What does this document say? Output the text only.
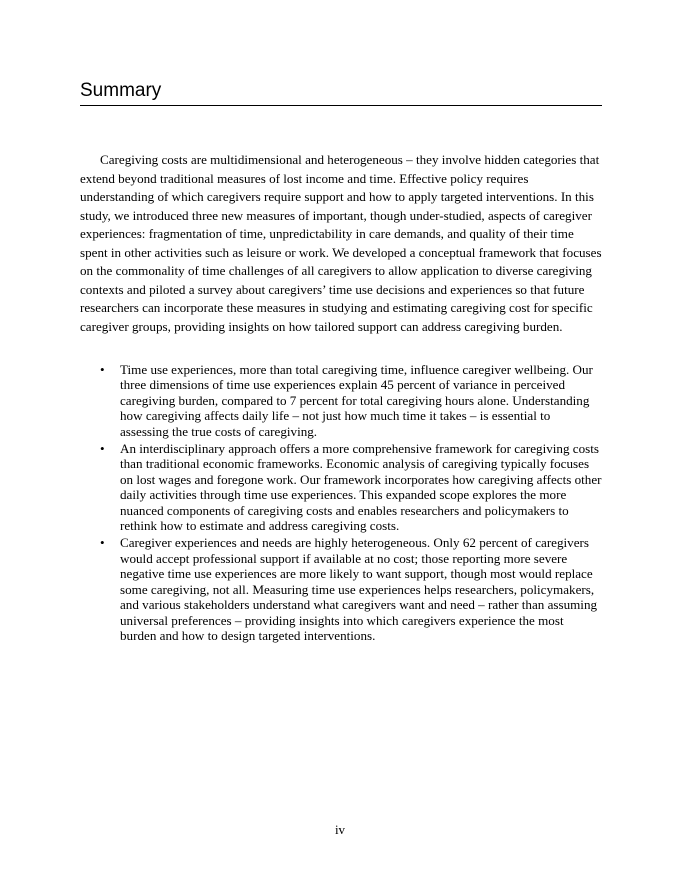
Summary

Caregiving costs are multidimensional and heterogeneous – they involve hidden categories that extend beyond traditional measures of lost income and time. Effective policy requires understanding of which caregivers require support and how to apply targeted interventions. In this study, we introduced three new measures of important, though under-studied, aspects of caregiver experiences: fragmentation of time, unpredictability in care demands, and quality of their time spent in other activities such as leisure or work. We developed a conceptual framework that focuses on the commonality of time challenges of all caregivers to allow application to diverse caregiving contexts and piloted a survey about caregivers’ time use decisions and experiences so that future researchers can incorporate these measures in studying and estimating caregiving cost for specific caregiver groups, providing insights on how tailored support can address caregiving burden.

•	Time use experiences, more than total caregiving time, influence caregiver wellbeing. Our three dimensions of time use experiences explain 45 percent of variance in perceived caregiving burden, compared to 7 percent for total caregiving hours alone. Understanding how caregiving affects daily life – not just how much time it takes – is essential to assessing the true costs of caregiving.
•	An interdisciplinary approach offers a more comprehensive framework for caregiving costs than traditional economic frameworks. Economic analysis of caregiving typically focuses on lost wages and foregone work. Our framework incorporates how caregiving affects other daily activities through time use experiences. This expanded scope explores the more nuanced components of caregiving costs and enables researchers and policymakers to rethink how to estimate and address caregiving costs.
•	Caregiver experiences and needs are highly heterogeneous. Only 62 percent of caregivers would accept professional support if available at no cost; those reporting more severe negative time use experiences are more likely to want support, though most would replace some caregiving, not all. Measuring time use experiences helps researchers, policymakers, and various stakeholders understand what caregivers want and need – rather than assuming universal preferences – providing insights into which caregivers experience the most burden and how to design targeted interventions.
iv
